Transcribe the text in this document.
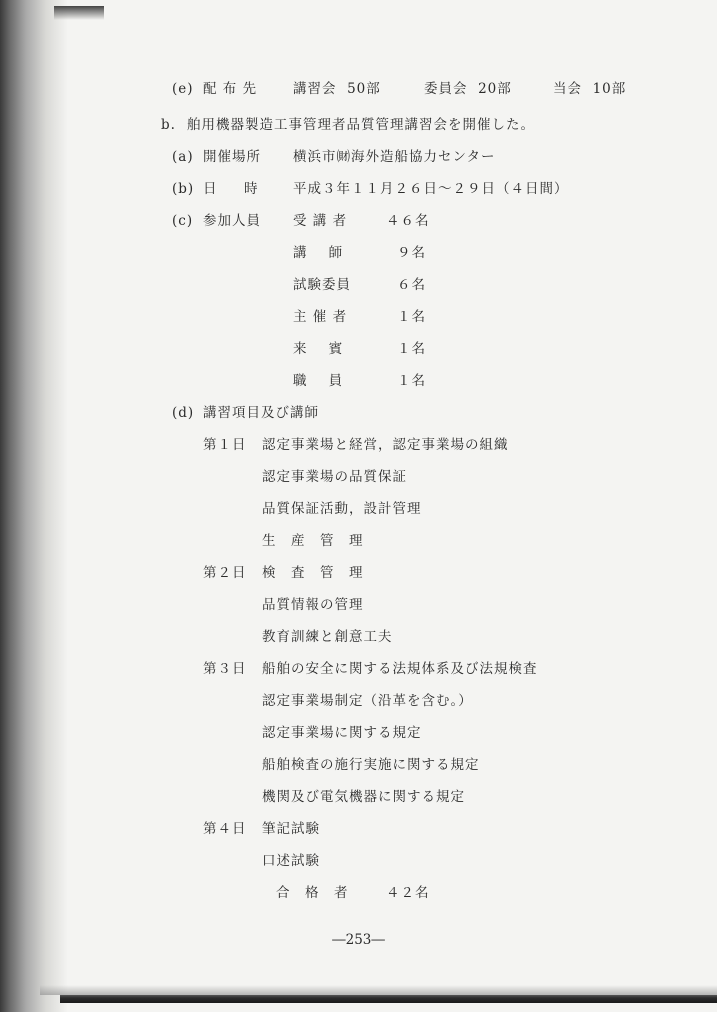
(e) 配 布 先	講習会  50部	委員会  20部	当会  10部
b. 舶用機器製造工事管理者品質管理講習会を開催した。
(a) 開催場所 横浜市㈶海外造船協力センター
(b) 日     時	平成３年１１月２６日～２９日（４日間）
(c) 参加人員 受 講 者	４６名
講    師	９名
試験委員	６名
主 催 者	１名
来    賓	１名
職    員	１名
(d) 講習項目及び講師
第１日 認定事業場と経営，認定事業場の組織
認定事業場の品質保証
品質保証活動，設計管理
生　産　管　理
第２日 検　査　管　理
品質情報の管理
教育訓練と創意工夫
第３日 船舶の安全に関する法規体系及び法規検査
認定事業場制定（沿革を含む。）
認定事業場に関する規定
船舶検査の施行実施に関する規定
機関及び電気機器に関する規定
第４日 筆記試験
口述試験
合　格　者	４２名
―253―
